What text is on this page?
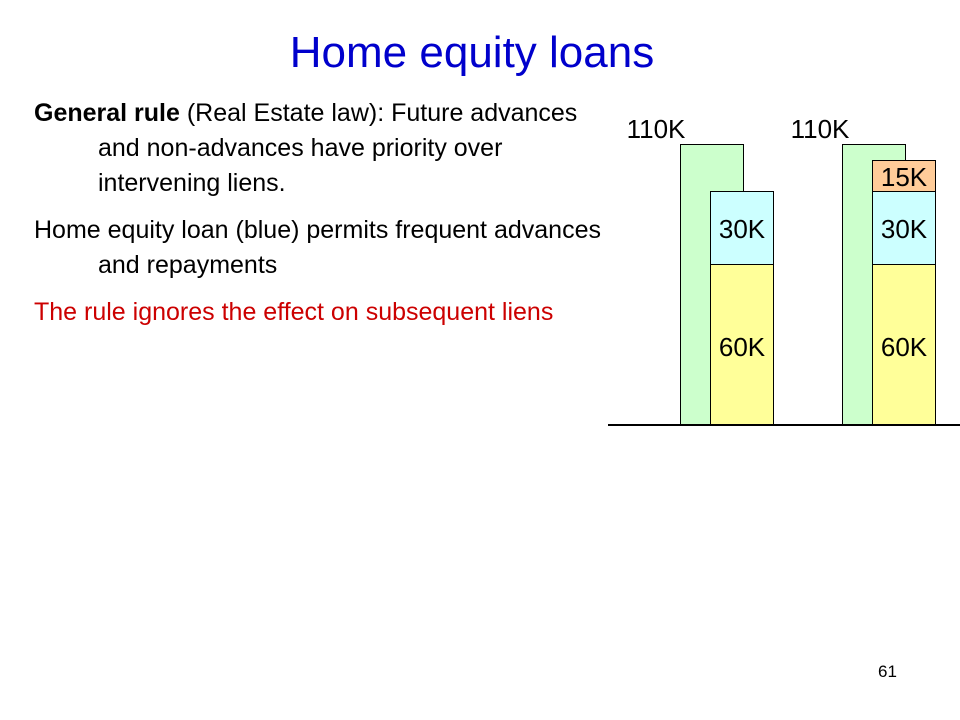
Home equity loans

General rule (Real Estate law): Future advances and non-advances have priority over intervening liens.

Home equity loan (blue) permits frequent advances and repayments

The rule ignores the effect on subsequent liens

110K
30K
60K
110K
15K
30K
60K
61
